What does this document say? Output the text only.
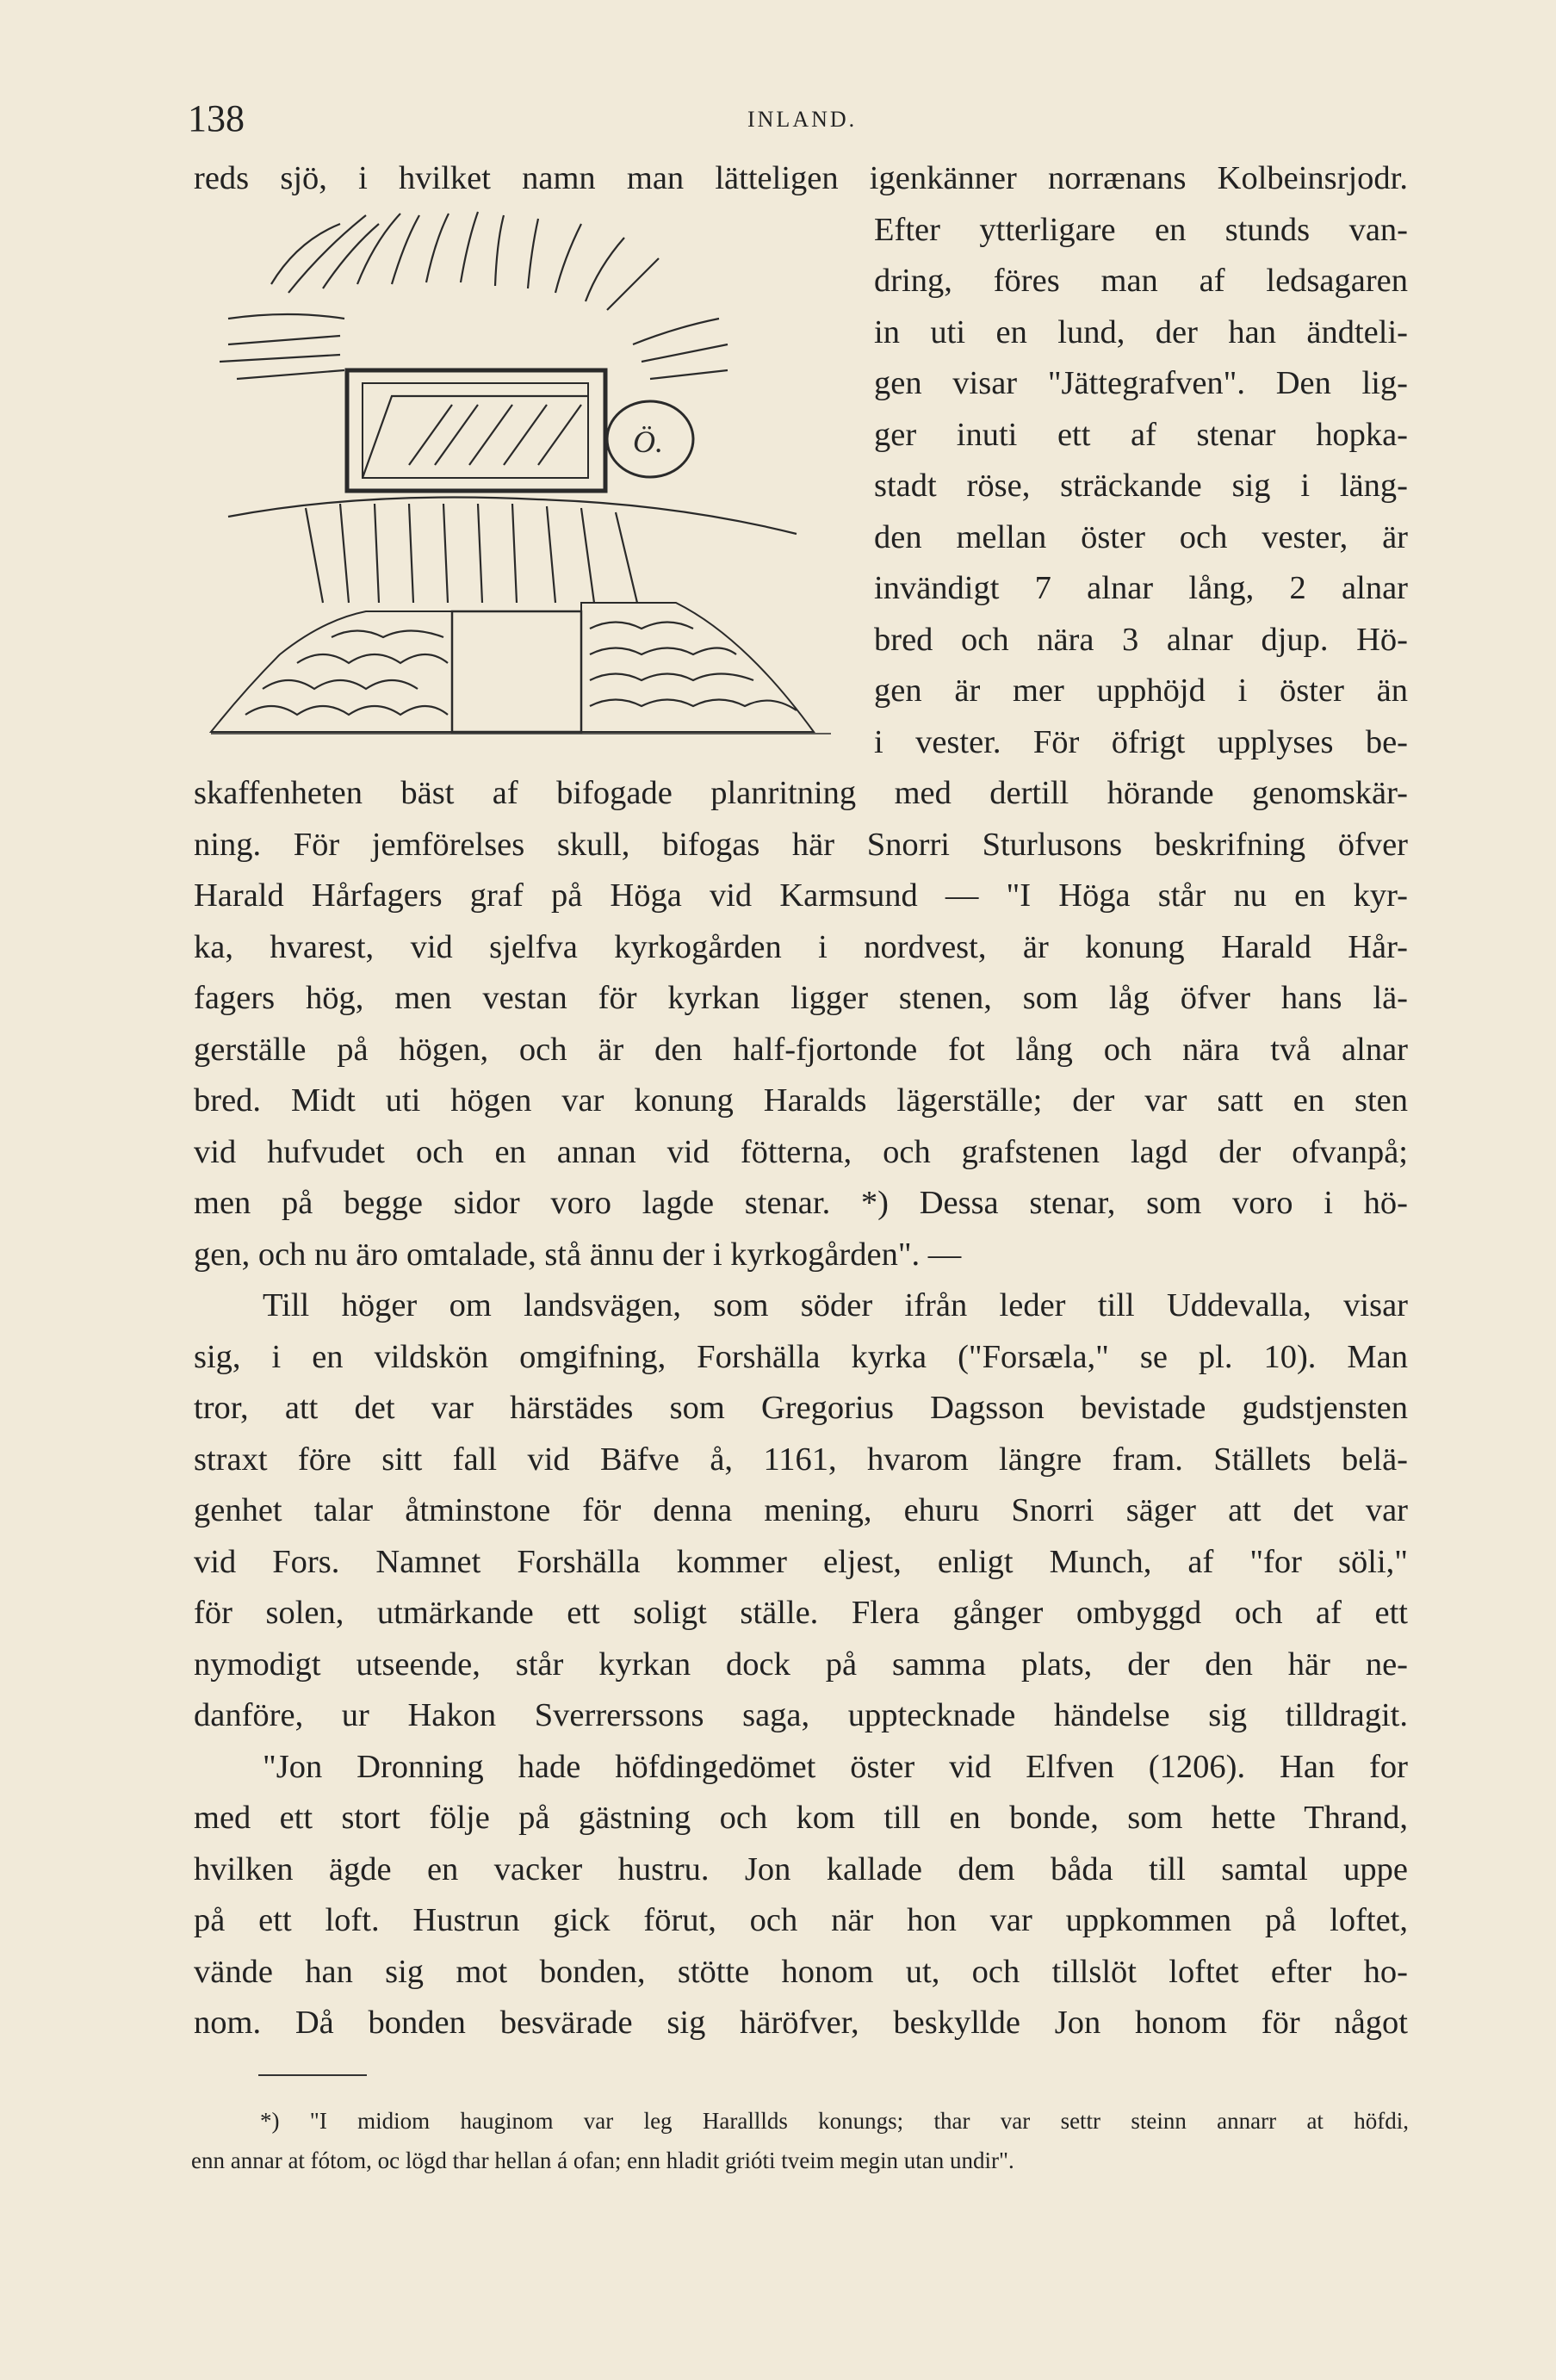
138	INLAND.
Ö.
reds sjö, i hvilket namn man lätteligen igenkänner norrænans Kolbeinsrjodr.
Efter ytterligare en stunds van-
dring, föres man af ledsagaren
in uti en lund, der han ändteli-
gen visar "Jättegrafven". Den lig-
ger inuti ett af stenar hopka-
stadt röse, sträckande sig i läng-
den mellan öster och vester, är
invändigt 7 alnar lång, 2 alnar
bred och nära 3 alnar djup. Hö-
gen är mer upphöjd i öster än
i vester. För öfrigt upplyses be-
skaffenheten bäst af bifogade planritning med dertill hörande genomskär-
ning. För jemförelses skull, bifogas här Snorri Sturlusons beskrifning öfver
Harald Hårfagers graf på Höga vid Karmsund — "I Höga står nu en kyr-
ka, hvarest, vid sjelfva kyrkogården i nordvest, är konung Harald Hår-
fagers hög, men vestan för kyrkan ligger stenen, som låg öfver hans lä-
gerställe på högen, och är den half-fjortonde fot lång och nära två alnar
bred. Midt uti högen var konung Haralds lägerställe; der var satt en sten
vid hufvudet och en annan vid fötterna, och grafstenen lagd der ofvanpå;
men på begge sidor voro lagde stenar. *) Dessa stenar, som voro i hö-
gen, och nu äro omtalade, stå ännu der i kyrkogården". —
Till höger om landsvägen, som söder ifrån leder till Uddevalla, visar
sig, i en vildskön omgifning, Forshälla kyrka ("Forsæla," se pl. 10). Man
tror, att det var härstädes som Gregorius Dagsson bevistade gudstjensten
straxt före sitt fall vid Bäfve å, 1161, hvarom längre fram. Ställets belä-
genhet talar åtminstone för denna mening, ehuru Snorri säger att det var
vid Fors. Namnet Forshälla kommer eljest, enligt Munch, af "for söli,"
för solen, utmärkande ett soligt ställe. Flera gånger ombyggd och af ett
nymodigt utseende, står kyrkan dock på samma plats, der den här ne-
danföre, ur Hakon Sverrerssons saga, upptecknade händelse sig tilldragit.
"Jon Dronning hade höfdingedömet öster vid Elfven (1206). Han for
med ett stort följe på gästning och kom till en bonde, som hette Thrand,
hvilken ägde en vacker hustru. Jon kallade dem båda till samtal uppe
på ett loft. Hustrun gick förut, och när hon var uppkommen på loftet,
vände han sig mot bonden, stötte honom ut, och tillslöt loftet efter ho-
nom. Då bonden besvärade sig häröfver, beskyllde Jon honom för något
*) "I midiom hauginom var leg Haralllds konungs; thar var settr steinn annarr at höfdi,
enn annar at fótom, oc lögd thar hellan á ofan; enn hladit grióti tveim megin utan undir".
